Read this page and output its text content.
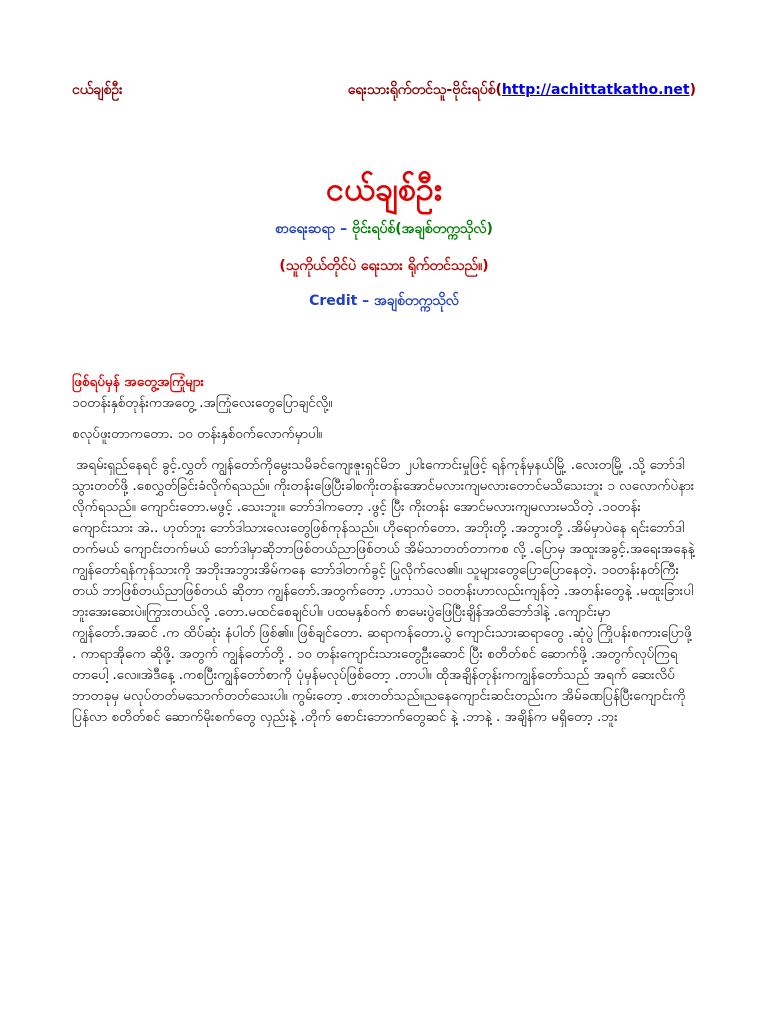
ငယ်ချစ်ဦး	ရေးသားရိုက်တင်သူ-ဗိုင်းရပ်စ်( http://achittatkatho.net )
ငယ်ချစ်ဦး
စာရေးဆရာ – ဗိုင်းရပ်စ်(အချစ်တက္ကသိုလ်)
(သူကိုယ်တိုင်ပဲ ရေးသား ရိုက်တင်သည်။)
Credit – အချစ်တက္ကသိုလ်

ဖြစ်ရပ်မှန် အတွေ့အကြုံများ

၁၀တန်းနှစ်တုန်းကအတွေ့ .အကြုံလေးတွေပြောချင်လို့။

စလုပ်ဖူးတာကတော. ၁၀ တန်းနှစ်ဝက်လောက်မှာပါ။

အရမ်းရှည်နေရင် ခွင့်.လွှတ် ကျွန်တော်ကိုမွေးသမိခင်ကျေးဇူးရှင်မိဘ ၂ပါးကောင်းမှုဖြင့် ရန်ကုန်မှနယ်မြို့ .လေးတမြို့ .သို့ ဘော်ဒါသွားတတ်ဖို့ .စေလွှတ်ခြင်းခံလိုက်ရသည်။ ကိုးတန်းဖြေပြီးခါစကိုးတန်းအောင်မလားကျမလားတောင်မသိသေးဘူး ၁ လလောက်ပဲနားလိုက်ရသည်။ ကျောင်းတော.မဖွင့် .သေးဘူး။ ဘော်ဒါကတော့ .ဖွင့် ပြီး ကိုးတန်း အောင်မလားကျမလားမသိတဲ့ .၁၀တန်းကျောင်းသား အဲ.. ဟုတ်ဘူး ဘော်ဒါသားလေးတွေဖြစ်ကုန်သည်။ ဟိုရောက်တော. အဘိုးတို့ .အဘွားတို့ .အိမ်မှာပဲနေ ရင်းဘော်ဒါတက်မယ် ကျောင်းတက်မယ် ဘော်ဒါမှာဆိုဘာဖြစ်တယ်ညာဖြစ်တယ် အိမ်သာတတ်တာကစ လို့ .ပြောမှ အထူးအခွင့်.အရေးအနေနဲ့ကျွန်တော်ရန်ကုန်သားကို အဘိုးအဘွားအိမ်ကနေ ဘော်ဒါတက်ခွင့် ပြုလိုက်လေ၏။ သူများတွေပြောပြောနေတဲ့. ၁၀တန်းနတ်ကြီးတယ် ဘာဖြစ်တယ်ညာဖြစ်တယ် ဆိုတာ ကျွန်တော်.အတွက်တော့ .ဟာသပဲ ၁၀တန်းဟာလည်းကျန်တဲ့ .အတန်းတွေနဲ့ .မထူးခြားပါဘူးအေးဆေးပဲ။ကြွားတယ်လို့ .တော.မထင်စေချင်ပါ။ ပထမနှစ်ဝက် စာမေးပွဲဖြေပြီးချိန်အထိဘော်ဒါနဲ့ .ကျောင်းမှာ ကျွန်တော်.အဆင် .က ထိပ်ဆုံး နံပါတ် ဖြစ်၏။ ဖြစ်ချင်တော. ဆရာကန်တော.ပွဲ ကျောင်းသားဆရာတွေ .ဆုံပွဲ ကြိုပန်းစကားပြောဖို့ . ကာရာအိုကေ ဆိုဖို့. အတွက် ကျွန်တော်တို့ . ၁၀ တန်းကျောင်းသားတွေဦးဆောင် ပြီး စတိတ်စင် ဆောက်ဖို့ .အတွက်လုပ်ကြရတာပေါ့ .လေ။အဲဒီနေ့ .ကစပြီးကျွန်တော်စာကို ပုံမှန်မလုပ်ဖြစ်တော့ .တာပါ။ ထိုအချိန်တုန်းကကျွန်တော်သည် အရက် ဆေးလိပ် ဘာတခုမှ မလုပ်တတ်မသောက်တတ်သေးပါ။ ကွမ်းတော့ .စားတတ်သည်။ညနေကျောင်းဆင်းတည်းက အိမ်ခဏပြန်ပြီးကျောင်းကိုပြန်လာ စတိတ်စင် ဆောက်မိုးစက်တွေ လှည်းနဲ့ .တိုက် စောင်းဘောက်တွေဆင် နဲ့ .ဘာနဲ့ . အချိန်က မရှိတော့ .ဘူး
